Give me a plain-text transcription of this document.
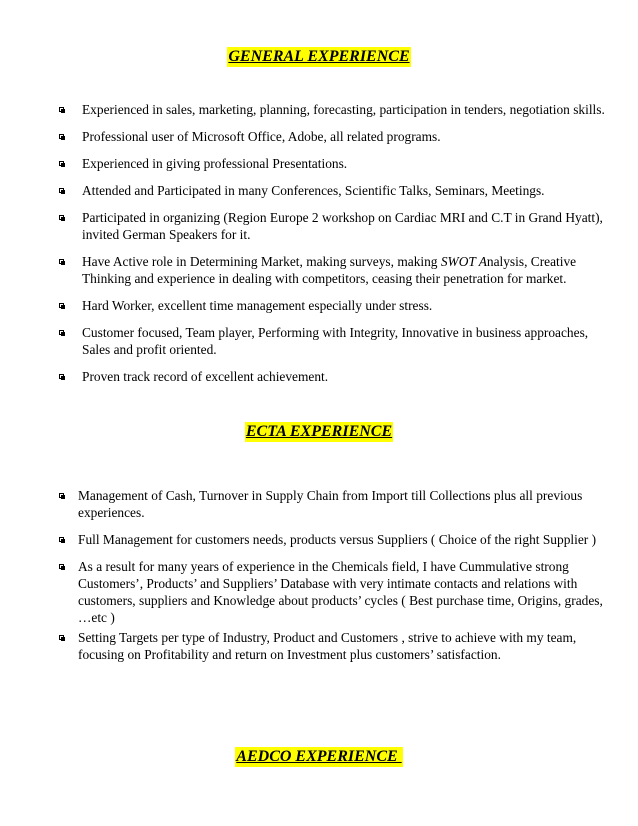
GENERAL EXPERIENCE
Experienced in sales, marketing, planning, forecasting, participation in tenders, negotiation skills.
Professional user of Microsoft Office, Adobe, all related programs.
Experienced in giving professional Presentations.
Attended and Participated in many Conferences, Scientific Talks, Seminars, Meetings.
Participated in organizing (Region Europe 2 workshop on Cardiac MRI and C.T in Grand Hyatt),
invited German Speakers for it.
Have Active role in Determining Market, making surveys, making SWOT Analysis, Creative
Thinking and experience in dealing with competitors, ceasing their penetration for market.
Hard Worker, excellent time management especially under stress.
Customer focused, Team player, Performing with Integrity, Innovative in business approaches,
Sales and profit oriented.
Proven track record of excellent achievement.
ECTA EXPERIENCE
Management of Cash, Turnover in Supply Chain from Import till Collections plus all previous
experiences.
Full Management for customers needs, products versus Suppliers ( Choice of the right Supplier )
As a result for many years of experience in the Chemicals field, I have Cummulative strong
Customers’, Products’ and Suppliers’ Database with very intimate contacts and relations with
customers, suppliers and Knowledge about products’ cycles ( Best purchase time, Origins, grades,
…etc )
Setting Targets per type of Industry, Product and Customers , strive to achieve with my team,
focusing on Profitability and return on Investment plus customers’ satisfaction.
AEDCO EXPERIENCE
